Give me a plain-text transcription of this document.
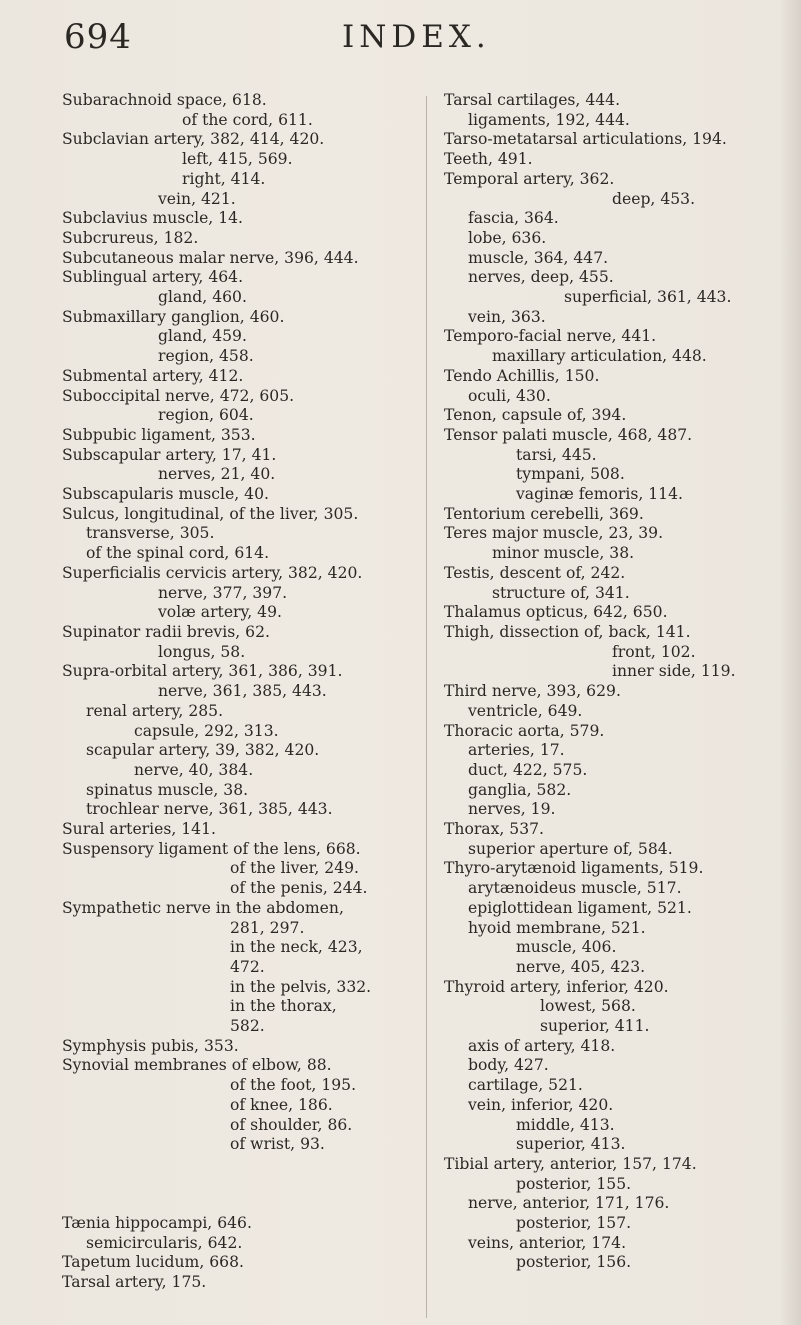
694	INDEX.
Subarachnoid space, 618.
of the cord, 611.
Subclavian artery, 382, 414, 420.
left, 415, 569.
right, 414.
vein, 421.
Subclavius muscle, 14.
Subcrureus, 182.
Subcutaneous malar nerve, 396, 444.
Sublingual artery, 464.
gland, 460.
Submaxillary ganglion, 460.
gland, 459.
region, 458.
Submental artery, 412.
Suboccipital nerve, 472, 605.
region, 604.
Subpubic ligament, 353.
Subscapular artery, 17, 41.
nerves, 21, 40.
Subscapularis muscle, 40.
Sulcus, longitudinal, of the liver, 305.
transverse, 305.
of the spinal cord, 614.
Superficialis cervicis artery, 382, 420.
nerve, 377, 397.
volæ artery, 49.
Supinator radii brevis, 62.
longus, 58.
Supra-orbital artery, 361, 386, 391.
nerve, 361, 385, 443.
renal artery, 285.
capsule, 292, 313.
scapular artery, 39, 382, 420.
nerve, 40, 384.
spinatus muscle, 38.
trochlear nerve, 361, 385, 443.
Sural arteries, 141.
Suspensory ligament of the lens, 668.
of the liver, 249.
of the penis, 244.
Sympathetic nerve in the abdomen,
281, 297.
in the neck, 423,
472.
in the pelvis, 332.
in the thorax,
582.
Symphysis pubis, 353.
Synovial membranes of elbow, 88.
of the foot, 195.
of knee, 186.
of shoulder, 86.
of wrist, 93.
Tænia hippocampi, 646.
semicircularis, 642.
Tapetum lucidum, 668.
Tarsal artery, 175.
Tarsal cartilages, 444.
ligaments, 192, 444.
Tarso-metatarsal articulations, 194.
Teeth, 491.
Temporal artery, 362.
deep, 453.
fascia, 364.
lobe, 636.
muscle, 364, 447.
nerves, deep, 455.
superficial, 361, 443.
vein, 363.
Temporo-facial nerve, 441.
maxillary articulation, 448.
Tendo Achillis, 150.
oculi, 430.
Tenon, capsule of, 394.
Tensor palati muscle, 468, 487.
tarsi, 445.
tympani, 508.
vaginæ femoris, 114.
Tentorium cerebelli, 369.
Teres major muscle, 23, 39.
minor muscle, 38.
Testis, descent of, 242.
structure of, 341.
Thalamus opticus, 642, 650.
Thigh, dissection of, back, 141.
front, 102.
inner side, 119.
Third nerve, 393, 629.
ventricle, 649.
Thoracic aorta, 579.
arteries, 17.
duct, 422, 575.
ganglia, 582.
nerves, 19.
Thorax, 537.
superior aperture of, 584.
Thyro-arytænoid ligaments, 519.
arytænoideus muscle, 517.
epiglottidean ligament, 521.
hyoid membrane, 521.
muscle, 406.
nerve, 405, 423.
Thyroid artery, inferior, 420.
lowest, 568.
superior, 411.
axis of artery, 418.
body, 427.
cartilage, 521.
vein, inferior, 420.
middle, 413.
superior, 413.
Tibial artery, anterior, 157, 174.
posterior, 155.
nerve, anterior, 171, 176.
posterior, 157.
veins, anterior, 174.
posterior, 156.
